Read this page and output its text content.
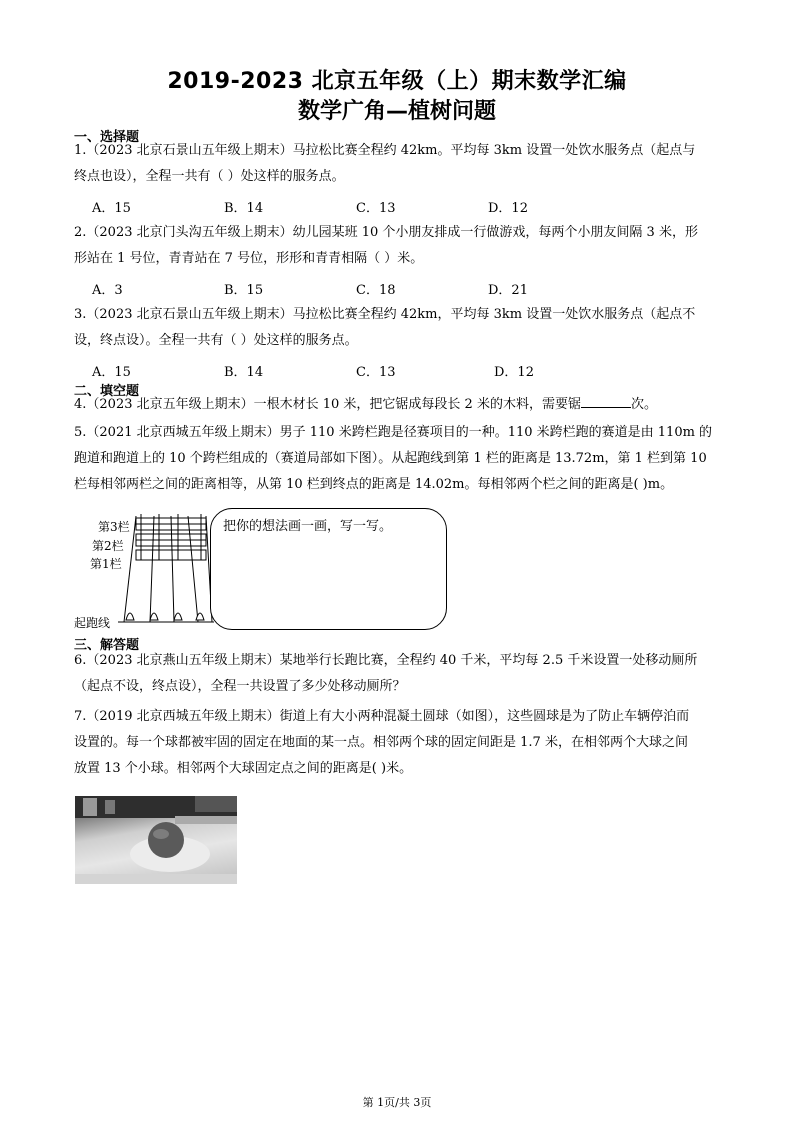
2019-2023 北京五年级（上）期末数学汇编
数学广角—植树问题
一、选择题
1.（2023 北京石景山五年级上期末）马拉松比赛全程约 42km。平均每 3km 设置一处饮水服务点（起点与
终点也设），全程一共有（ ）处这样的服务点。
A．15	B．14	C．13	D．12
2.（2023 北京门头沟五年级上期末）幼儿园某班 10 个小朋友排成一行做游戏，每两个小朋友间隔 3 米，形
形站在 1 号位，青青站在 7 号位，形形和青青相隔（ ）米。
A．3	B．15	C．18	D．21
3.（2023 北京石景山五年级上期末）马拉松比赛全程约 42km，平均每 3km 设置一处饮水服务点（起点不
设，终点设）。全程一共有（ ）处这样的服务点。
A．15	B．14	C．13	D．12
二、填空题
4.（2023 北京五年级上期末）一根木材长 10 米，把它锯成每段长 2 米的木料，需要锯	次。
5.（2021 北京西城五年级上期末）男子 110 米跨栏跑是径赛项目的一种。110 米跨栏跑的赛道是由 110m 的
跑道和跑道上的 10 个跨栏组成的（赛道局部如下图）。从起跑线到第 1 栏的距离是 13.72m，第 1 栏到第 10
栏每相邻两栏之间的距离相等，从第 10 栏到终点的距离是 14.02m。每相邻两个栏之间的距离是( )m。
第3栏
第2栏
第1栏
起跑线
把你的想法画一画，写一写。
三、解答题
6.（2023 北京燕山五年级上期末）某地举行长跑比赛，全程约 40 千米，平均每 2.5 千米设置一处移动厕所
（起点不设，终点设），全程一共设置了多少处移动厕所？
7.（2019 北京西城五年级上期末）街道上有大小两种混凝土圆球（如图），这些圆球是为了防止车辆停泊而
设置的。每一个球都被牢固的固定在地面的某一点。相邻两个球的固定间距是 1.7 米，在相邻两个大球之间
放置 13 个小球。相邻两个大球固定点之间的距离是( )米。
第 1页/共 3页
